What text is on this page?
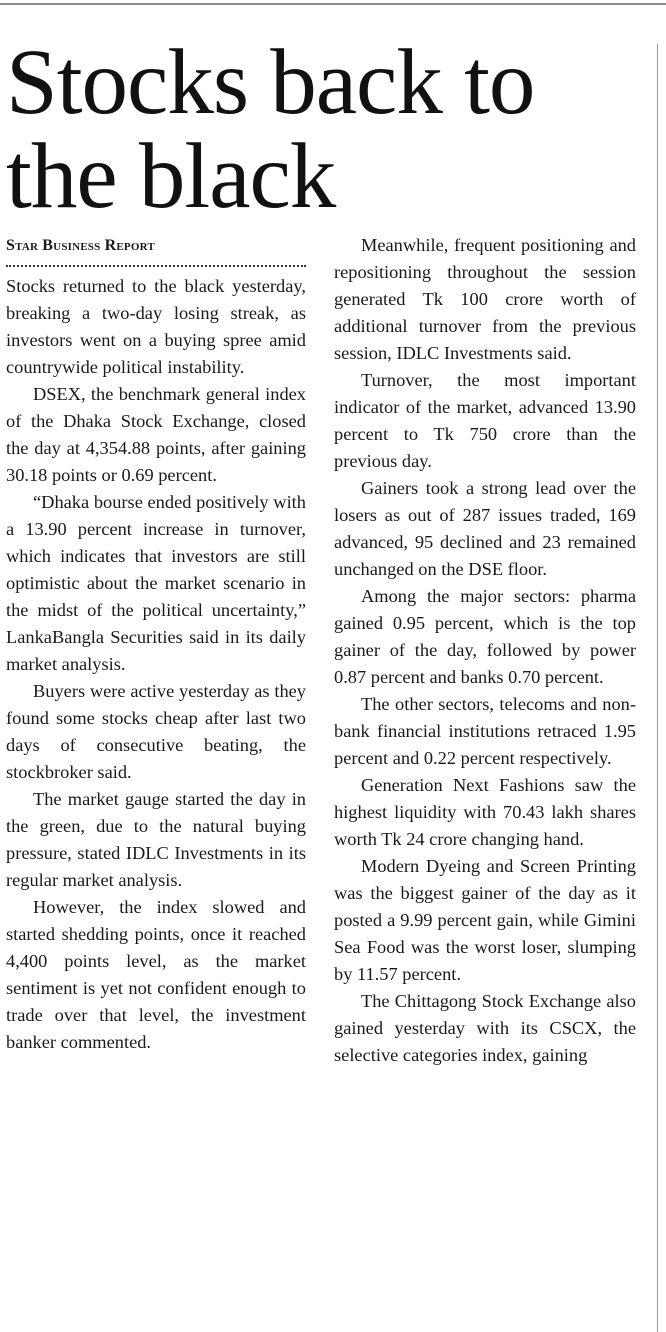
Stocks back to the black
Star Business Report

Stocks returned to the black yesterday, breaking a two-day losing streak, as investors went on a buying spree amid countrywide political instability.

DSEX, the benchmark general index of the Dhaka Stock Exchange, closed the day at 4,354.88 points, after gaining 30.18 points or 0.69 percent.

“Dhaka bourse ended positively with a 13.90 percent increase in turnover, which indicates that investors are still optimistic about the market scenario in the midst of the political uncertainty,” LankaBangla Securities said in its daily market analysis.

Buyers were active yesterday as they found some stocks cheap after last two days of consecutive beating, the stockbroker said.

The market gauge started the day in the green, due to the natural buying pressure, stated IDLC Investments in its regular market analysis.

However, the index slowed and started shedding points, once it reached 4,400 points level, as the market sentiment is yet not confident enough to trade over that level, the investment banker commented.

Meanwhile, frequent positioning and repositioning throughout the session generated Tk 100 crore worth of additional turnover from the previous session, IDLC Investments said.

Turnover, the most important indicator of the market, advanced 13.90 percent to Tk 750 crore than the previous day.

Gainers took a strong lead over the losers as out of 287 issues traded, 169 advanced, 95 declined and 23 remained unchanged on the DSE floor.

Among the major sectors: pharma gained 0.95 percent, which is the top gainer of the day, followed by power 0.87 percent and banks 0.70 percent.

The other sectors, telecoms and non-bank financial institutions retraced 1.95 percent and 0.22 percent respectively.

Generation Next Fashions saw the highest liquidity with 70.43 lakh shares worth Tk 24 crore changing hand.

Modern Dyeing and Screen Printing was the biggest gainer of the day as it posted a 9.99 percent gain, while Gimini Sea Food was the worst loser, slumping by 11.57 percent.

The Chittagong Stock Exchange also gained yesterday with its CSCX, the selective categories index, gaining
